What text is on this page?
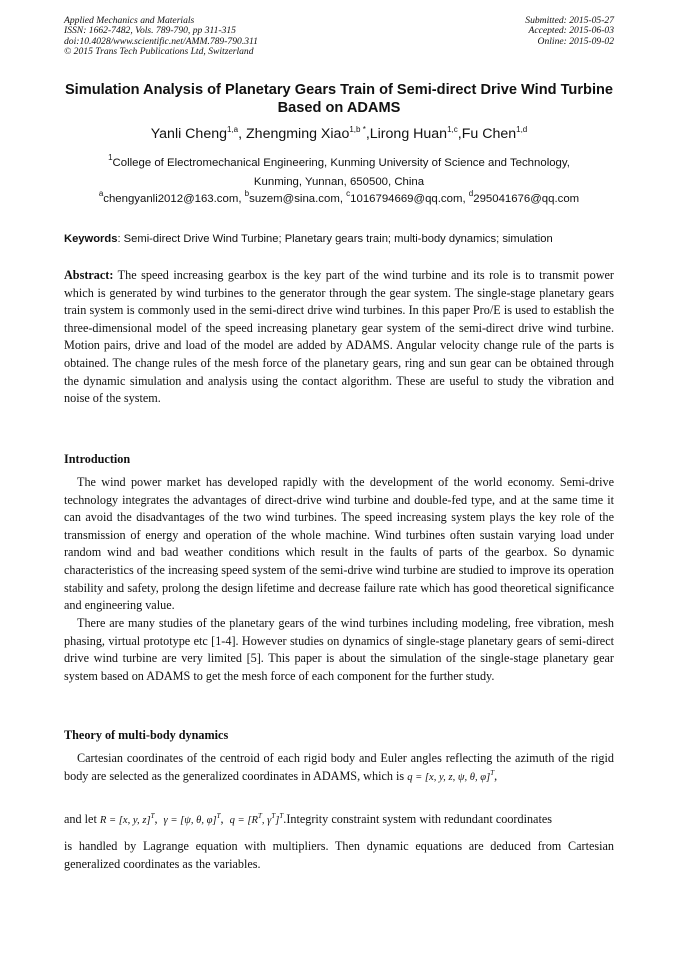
Applied Mechanics and Materials
ISSN: 1662-7482, Vols. 789-790, pp 311-315
doi:10.4028/www.scientific.net/AMM.789-790.311
© 2015 Trans Tech Publications Ltd, Switzerland
Submitted: 2015-05-27
Accepted: 2015-06-03
Online: 2015-09-02
Simulation Analysis of Planetary Gears Train of Semi-direct Drive Wind Turbine Based on ADAMS
Yanli Cheng$^{1,a}$, Zhengming Xiao$^{1,b *}$,Lirong Huan$^{1,c}$,Fu Chen$^{1,d}$
$^1$College of Electromechanical Engineering, Kunming University of Science and Technology,
Kunming, Yunnan, 650500, China
$^a$chengyanli2012@163.com, $^b$suzem@sina.com, $^c$1016794669@qq.com, $^d$295041676@qq.com
Keywords: Semi-direct Drive Wind Turbine; Planetary gears train; multi-body dynamics; simulation

Abstract: The speed increasing gearbox is the key part of the wind turbine and its role is to transmit power which is generated by wind turbines to the generator through the gear system. The single-stage planetary gears train system is commonly used in the semi-direct drive wind turbines. In this paper Pro/E is used to establish the three-dimensional model of the speed increasing planetary gear system of the semi-direct drive wind turbine. Motion pairs, drive and load of the model are added by ADAMS. Angular velocity change rule of the parts is obtained. The change rules of the mesh force of the planetary gears, ring and sun gear can be obtained through the dynamic simulation and analysis using the contact algorithm. These are useful to study the vibration and noise of the system.

Introduction

The wind power market has developed rapidly with the development of the world economy. Semi-drive technology integrates the advantages of direct-drive wind turbine and double-fed type, and at the same time it can avoid the disadvantages of the two wind turbines. The speed increasing system plays the key role of the transmission of energy and operation of the whole machine. Wind turbines often sustain varying load under random wind and bad weather conditions which result in the faults of parts of the gearbox. So dynamic characteristics of the increasing speed system of the semi-drive wind turbine are studied to improve its operation stability and safety, prolong the design lifetime and decrease failure rate which has good theoretical significance and engineering value.

There are many studies of the planetary gears of the wind turbines including modeling, free vibration, mesh phasing, virtual prototype etc [1-4]. However studies on dynamics of single-stage planetary gears of semi-direct drive wind turbine are very limited [5]. This paper is about the simulation of the single-stage planetary gear system based on ADAMS to get the mesh force of each component for the further study.

Theory of multi-body dynamics

Cartesian coordinates of the centroid of each rigid body and Euler angles reflecting the azimuth of the rigid body are selected as the generalized coordinates in ADAMS, which is q = [x, y, z, ψ, θ, φ]$^T$,

and let R = [x, y, z]$^T$, γ = [ψ, θ, φ]$^T$, $q = [R^T$, $\gamma^T]^T.Integrity$ constraint system with redundant coordinates

is handled by Lagrange equation with multipliers. Then dynamic equations are deduced from Cartesian generalized coordinates as the variables.
